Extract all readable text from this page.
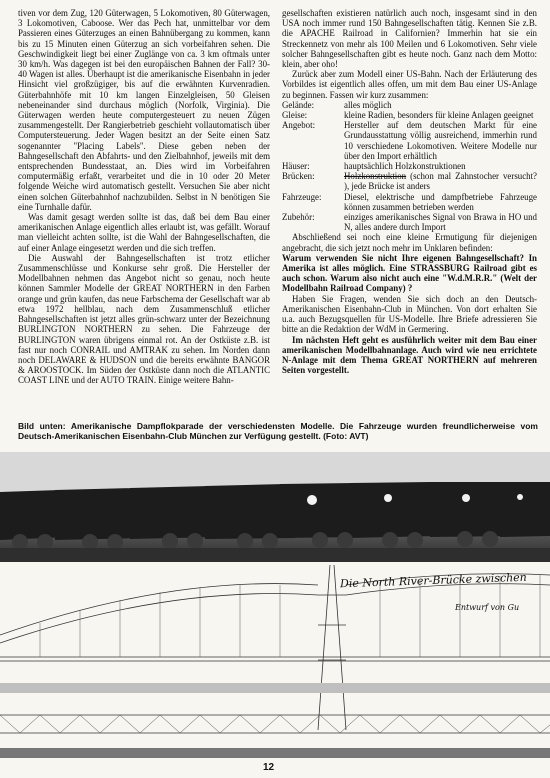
tiven vor dem Zug, 120 Güterwagen, 5 Lokomotiven, 80 Güterwagen, 3 Lokomotiven, Caboose. Wer das Pech hat, unmittelbar vor dem Passieren eines Güterzuges an einen Bahnübergang zu kommen, kann bis zu 15 Minuten einen Güterzug an sich vorbeifahren sehen. Die Geschwindigkeit liegt bei einer Zuglänge von ca. 3 km oftmals unter 30 km/h. Was dagegen ist bei den europäischen Bahnen der Fall? 30-40 Wagen ist alles. Überhaupt ist die amerikanische Eisenbahn in jeder Hinsicht viel großzügiger, bis auf die erwähnten Kurvenradien. Güterbahnhöfe mit 10 km langen Einzelgleisen, 50 Gleisen nebeneinander sind durchaus möglich (Norfolk, Virginia). Die Güterwagen werden heute computergesteuert zu neuen Zügen zusammengestellt. Der Rangierbetrieb geschieht vollautomatisch über Computersteuerung. Jeder Wagen besitzt an der Seite einen Satz sogenannter "Placing Labels". Diese geben neben der Bahngesellschaft den Abfahrts- und den Zielbahnhof, jeweils mit dem entsprechenden Bundesstaat, an. Dies wird im Vorbeifahren computermäßig erfaßt, verarbeitet und die in 10 oder 20 Meter folgende Weiche wird automatisch gestellt. Versuchen Sie aber nicht einen solchen Güterbahnhof nachzubilden. Selbst in N benötigen Sie eine Turnhalle dafür.

Was damit gesagt werden sollte ist das, daß bei dem Bau einer amerikanischen Anlage eigentlich alles erlaubt ist, was gefällt. Worauf man vielleicht achten sollte, ist die Wahl der Bahngesellschaften, die auf einer Anlage eingesetzt werden und die sich treffen.

Die Auswahl der Bahngesellschaften ist trotz etlicher Zusammenschlüsse und Konkurse sehr groß. Die Hersteller der Modellbahnen nehmen das Angebot nicht so genau, noch heute können Sammler Modelle der GREAT NORTHERN in den Farben orange und grün kaufen, das neue Farbschema der Gesellschaft war ab etwa 1972 hellblau, nach dem Zusammenschluß etlicher Bahngesellschaften ist jetzt alles grün-schwarz unter der Bezeichnung BURLINGTON NORTHERN zu sehen. Die Fahrzeuge der BURLINGTON waren übrigens einmal rot. An der Ostküste z.B. ist fast nur noch CONRAIL und AMTRAK zu sehen. Im Norden dann noch DELAWARE & HUDSON und die bereits erwähnte BANGOR & AROOSTOCK. Im Süden der Ostküste dann noch die ATLANTIC COAST LINE und der AUTO TRAIN. Einige weitere Bahn-

gesellschaften existieren natürlich auch noch, insgesamt sind in den USA noch immer rund 150 Bahngesellschaften tätig. Kennen Sie z.B. die APACHE Railroad in Californien? Immerhin hat sie ein Streckennetz von mehr als 100 Meilen und 6 Lokomotiven. Sehr viele solcher Bahngesellschaften gibt es heute noch. Ganz nach dem Motto: klein, aber oho!

Zurück aber zum Modell einer US-Bahn. Nach der Erläuterung des Vorbildes ist eigentlich alles offen, um mit dem Bau einer US-Anlage zu beginnen. Fassen wir kurz zusammen:

Gelände:	alles möglich
Gleise:	kleine Radien, besonders für kleine Anlagen geeignet
Angebot:	Hersteller auf dem deutschen Markt für eine Grundausstattung völlig ausreichend, immerhin rund 10 verschiedene Lokomotiven. Weitere Modelle nur über den Import erhältlich
Häuser:	hauptsächlich Holzkonstruktionen
Brücken:	Holzkonstruktion (schon mal Zahnstocher versucht? ), jede Brücke ist anders
Fahrzeuge:	Diesel, elektrische und dampfbetriebe Fahrzeuge können zusammen betrieben werden
Zubehör:	einziges amerikanisches Signal von Brawa in HO und N, alles andere durch Import

Abschließend sei noch eine kleine Ermutigung für diejenigen angebracht, die sich jetzt noch mehr im Unklaren befinden:

Warum verwenden Sie nicht Ihre eigenen Bahngesellschaft? In Amerika ist alles möglich. Eine STRASSBURG Railroad gibt es auch schon. Warum also nicht auch eine "W.d.M.R.R." (Welt der Modellbahn Railroad Company) ?

Haben Sie Fragen, wenden Sie sich doch an den Deutsch-Amerikanischen Eisenbahn-Club in München. Von dort erhalten Sie u.a. auch Bezugsquellen für US-Modelle. Ihre Briefe adressieren Sie bitte an die Redaktion der WdM in Germering.

Im nächsten Heft geht es ausführlich weiter mit dem Bau einer amerikanischen Modellbahnanlage. Auch wird wie neu errichtete N-Anlage mit dem Thema GREAT NORTHERN auf mehreren Seiten vorgestellt.

Bild unten: Amerikanische Dampflokparade der verschiedensten Modelle. Die Fahrzeuge wurden freundlicherweise vom Deutsch-Amerikanischen Eisenbahn-Club München zur Verfügung gestellt. (Foto: AVT)
Die North River-Brücke zwischen
Entwurf von Gu
12
